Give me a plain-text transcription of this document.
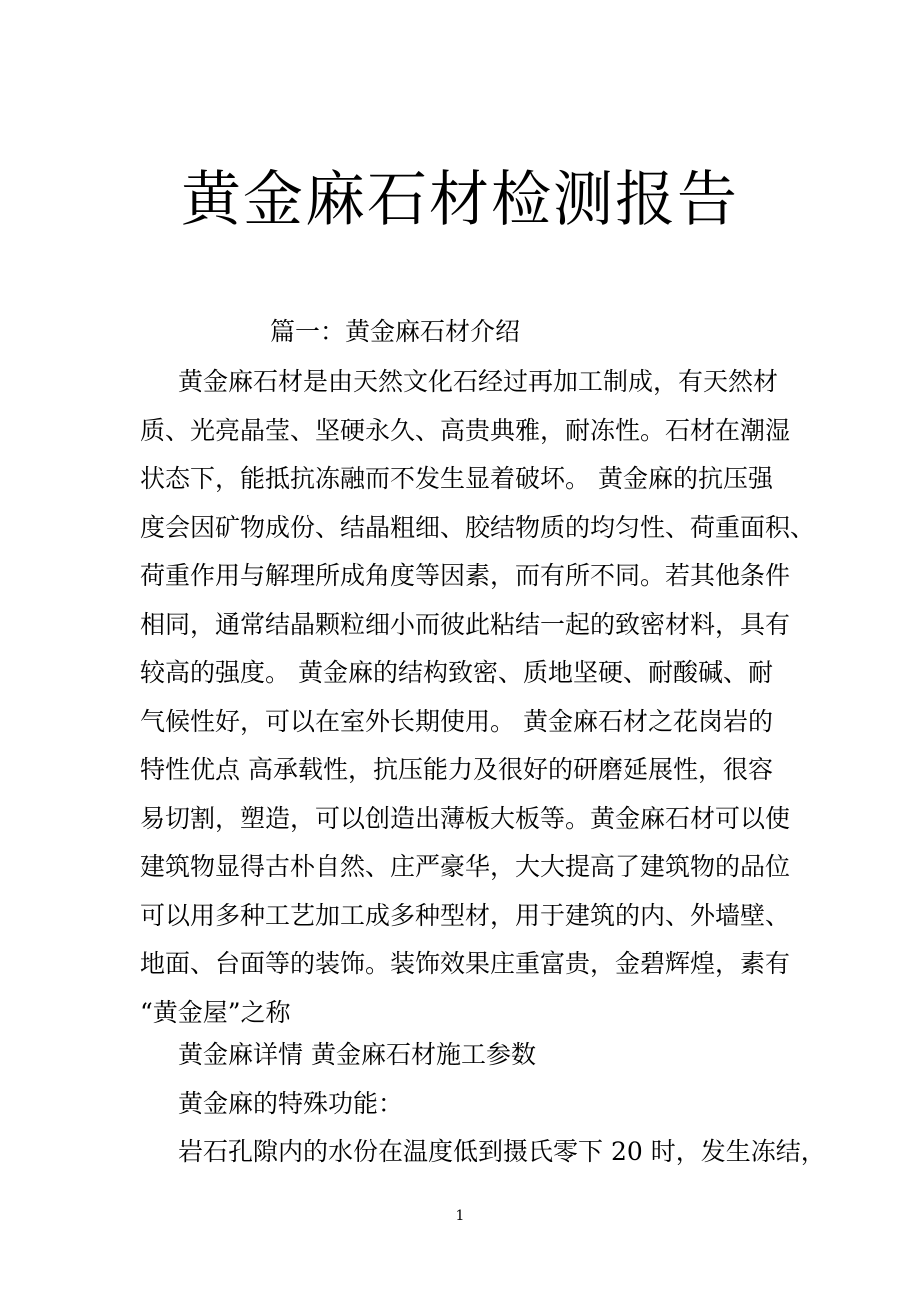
黄金麻石材检测报告

篇一：黄金麻石材介绍

黄金麻石材是由天然文化石经过再加工制成，有天然材
质、光亮晶莹、坚硬永久、高贵典雅，耐冻性。石材在潮湿
状态下，能抵抗冻融而不发生显着破坏。 黄金麻的抗压强
度会因矿物成份、结晶粗细、胶结物质的均匀性、荷重面积、
荷重作用与解理所成角度等因素，而有所不同。若其他条件
相同，通常结晶颗粒细小而彼此粘结一起的致密材料，具有
较高的强度。 黄金麻的结构致密、质地坚硬、耐酸碱、耐
气候性好，可以在室外长期使用。 黄金麻石材之花岗岩的
特性优点 高承载性，抗压能力及很好的研磨延展性，很容
易切割，塑造，可以创造出薄板大板等。黄金麻石材可以使
建筑物显得古朴自然、庄严豪华，大大提高了建筑物的品位
可以用多种工艺加工成多种型材，用于建筑的内、外墙壁、
地面、台面等的装饰。装饰效果庄重富贵，金碧辉煌，素有
“黄金屋”之称

黄金麻详情 黄金麻石材施工参数

黄金麻的特殊功能：

岩石孔隙内的水份在温度低到摄氏零下 20 时，发生冻结，

1
